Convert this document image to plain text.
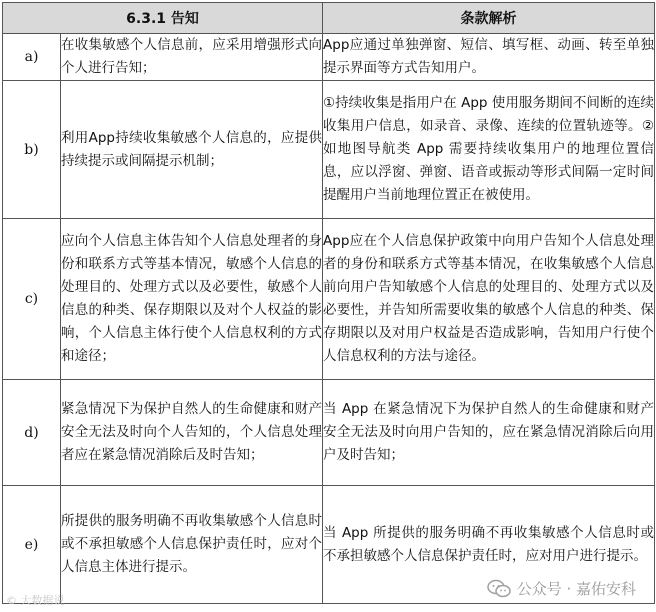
6.3.1 告知		条款解析
a)	在收集敏感个人信息前，应采用增强形式向个人进行告知；	App应通过单独弹窗、短信、填写框、动画、转至单独提示界面等方式告知用户。
b)	利用App持续收集敏感个人信息的，应提供持续提示或间隔提示机制；	①持续收集是指用户在 App 使用服务期间不间断的连续收集用户信息，如录音、录像、连续的位置轨迹等。②如地图导航类 App 需要持续收集用户的地理位置信息，应以浮窗、弹窗、语音或振动等形式间隔一定时间提醒用户当前地理位置正在被使用。
c)	应向个人信息主体告知个人信息处理者的身份和联系方式等基本情况，敏感个人信息的处理目的、处理方式以及必要性，敏感个人信息的种类、保存期限以及对个人权益的影响，个人信息主体行使个人信息权利的方式和途径；	App应在个人信息保护政策中向用户告知个人信息处理者的身份和联系方式等基本情况，在收集敏感个人信息前向用户告知敏感个人信息的处理目的、处理方式以及必要性，并告知所需要收集的敏感个人信息的种类、保存期限以及对用户权益是否造成影响，告知用户行使个人信息权利的方法与途径。
d)	紧急情况下为保护自然人的生命健康和财产安全无法及时向个人告知的，个人信息处理者应在紧急情况消除后及时告知；	当 App 在紧急情况下为保护自然人的生命健康和财产安全无法及时向用户告知的，应在紧急情况消除后向用户及时告知；
e)	所提供的服务明确不再收集敏感个人信息时或不承担敏感个人信息保护责任时，应对个人信息主体进行提示。	当 App 所提供的服务明确不再收集敏感个人信息时或不承担敏感个人信息保护责任时，应对用户进行提示。
© 大数据说
公众号 · 嘉佑安科
